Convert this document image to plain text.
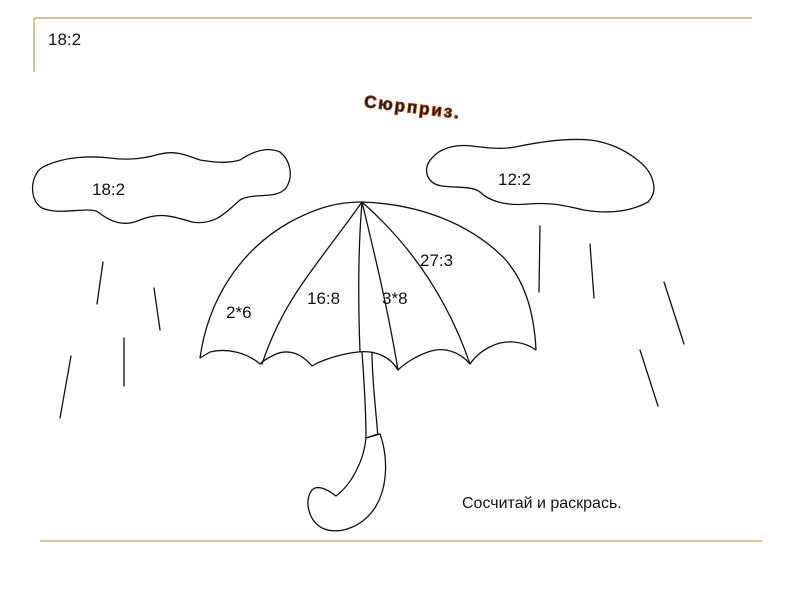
Сюрприз.
18:2
12:2
2*6
16:8 3*8
27:3
18:2
Сосчитай и раскрась.
